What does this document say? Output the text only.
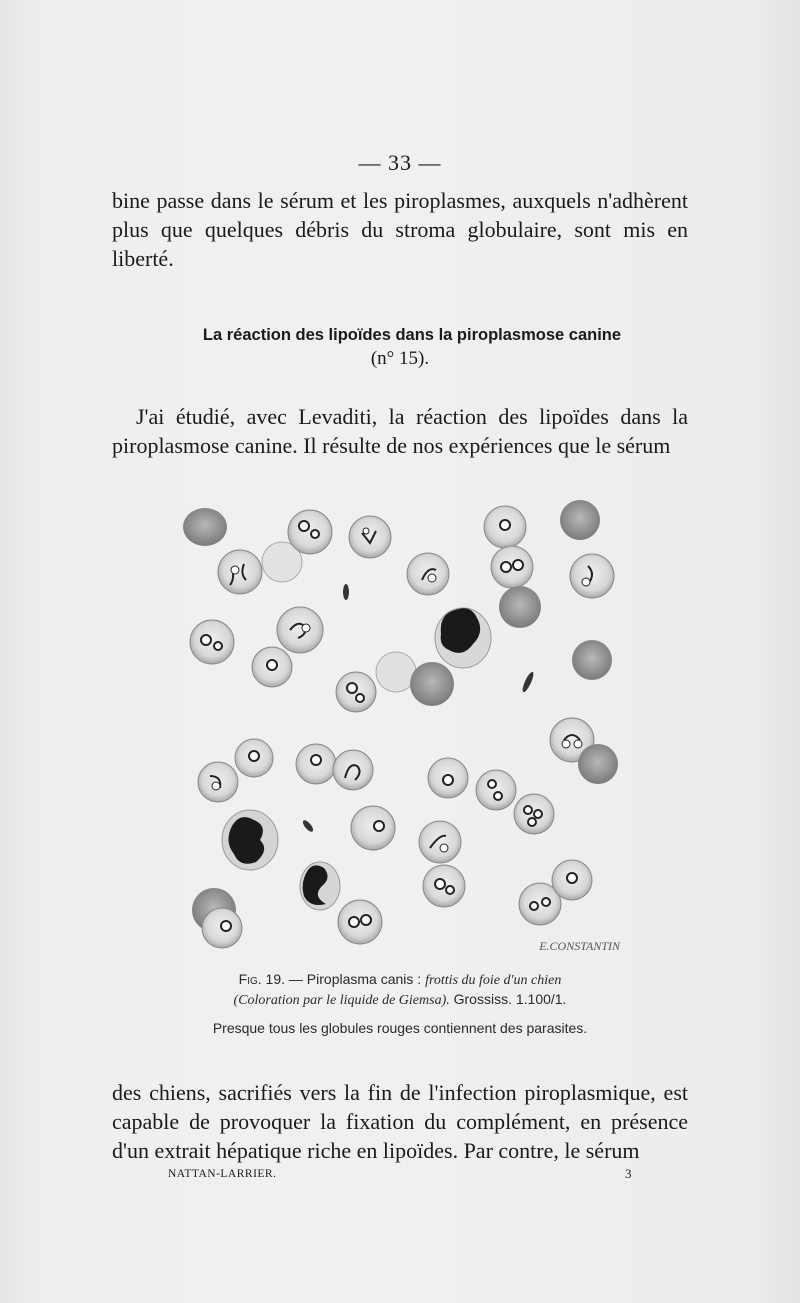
— 33 —
bine passe dans le sérum et les piroplasmes, auxquels n'adhèrent plus que quelques débris du stroma globulaire, sont mis en liberté.
La réaction des lipoïdes dans la piroplasmose canine
(n° 15).
J'ai étudié, avec Levaditi, la réaction des lipoïdes dans la piroplasmose canine. Il résulte de nos expériences que le sérum
E.CONSTANTIN
Fig. 19. — Piroplasma canis : frottis du foie d'un chien
(Coloration par le liquide de Giemsa). Grossiss. 1.100/1.
Presque tous les globules rouges contiennent des parasites.
des chiens, sacrifiés vers la fin de l'infection piroplasmique, est capable de provoquer la fixation du complément, en présence d'un extrait hépatique riche en lipoïdes. Par contre, le sérum
NATTAN-LARRIER.	3
